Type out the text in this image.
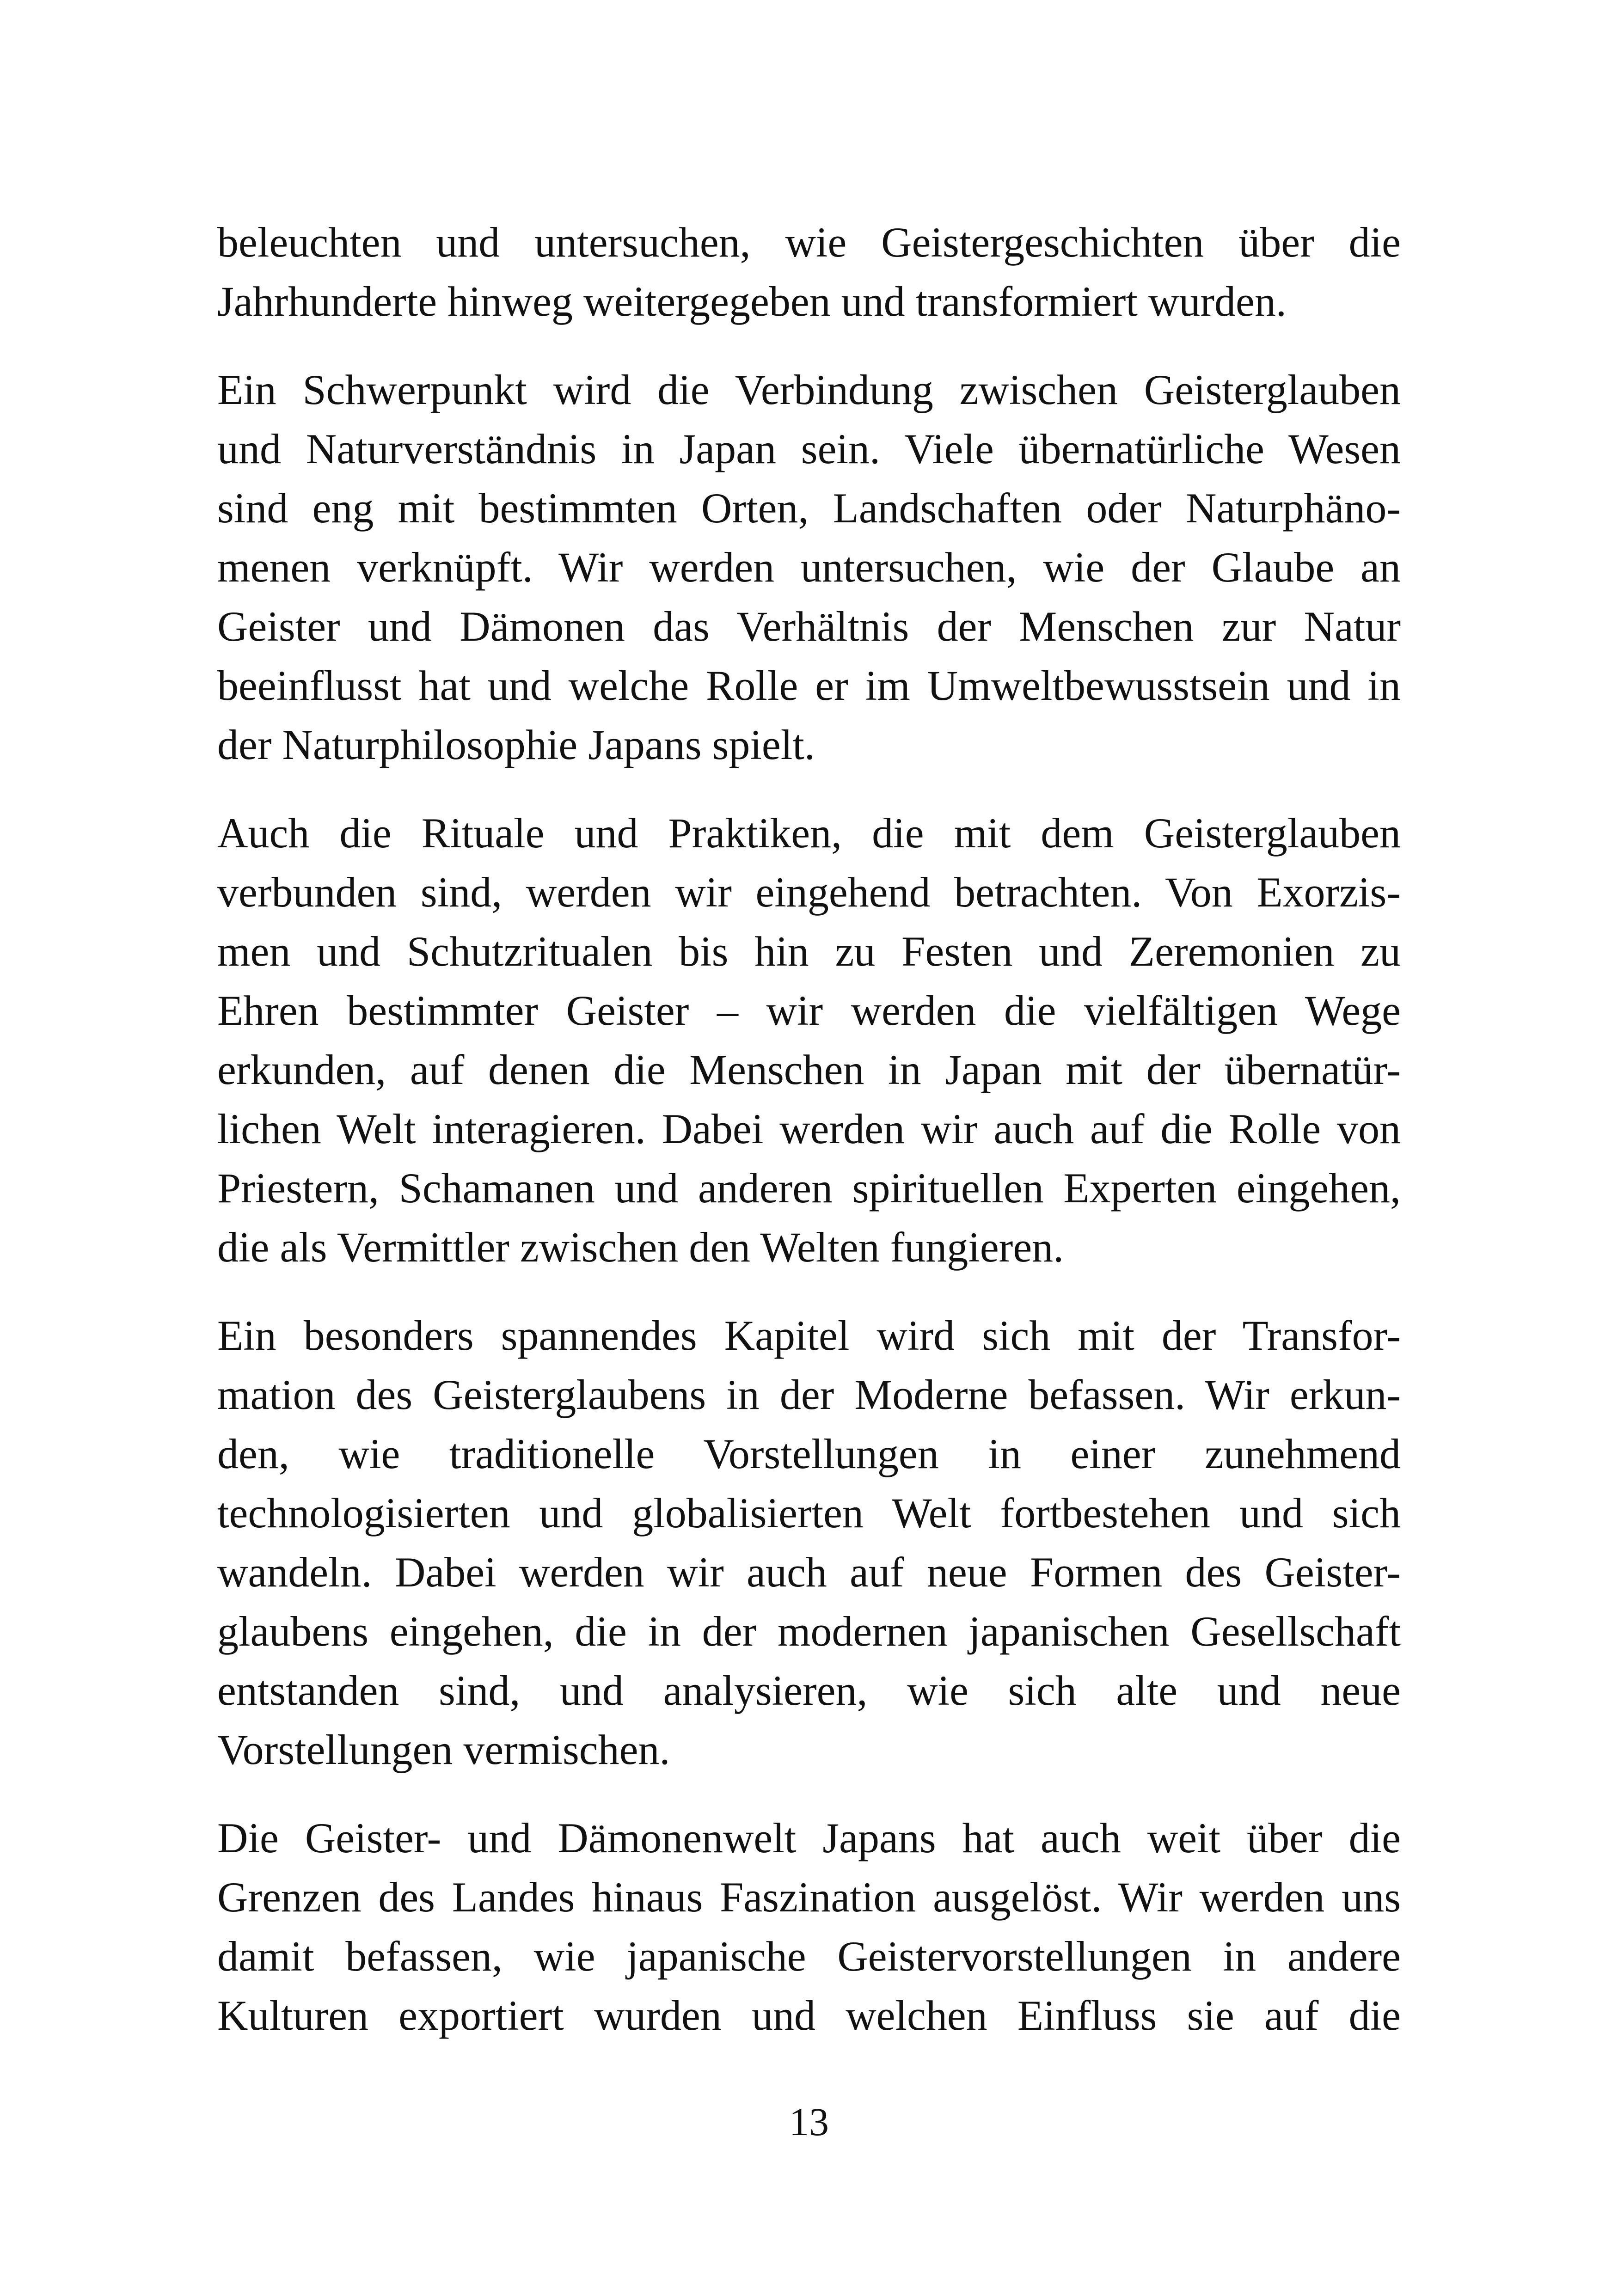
beleuchten und untersuchen, wie Geistergeschichten über die
Jahrhunderte hinweg weitergegeben und transformiert wurden.

Ein Schwerpunkt wird die Verbindung zwischen Geisterglauben
und Naturverständnis in Japan sein. Viele übernatürliche Wesen
sind eng mit bestimmten Orten, Landschaften oder Naturphäno-
menen verknüpft. Wir werden untersuchen, wie der Glaube an
Geister und Dämonen das Verhältnis der Menschen zur Natur
beeinflusst hat und welche Rolle er im Umweltbewusstsein und in
der Naturphilosophie Japans spielt.

Auch die Rituale und Praktiken, die mit dem Geisterglauben
verbunden sind, werden wir eingehend betrachten. Von Exorzis-
men und Schutzritualen bis hin zu Festen und Zeremonien zu
Ehren bestimmter Geister – wir werden die vielfältigen Wege
erkunden, auf denen die Menschen in Japan mit der übernatür-
lichen Welt interagieren. Dabei werden wir auch auf die Rolle von
Priestern, Schamanen und anderen spirituellen Experten eingehen,
die als Vermittler zwischen den Welten fungieren.

Ein besonders spannendes Kapitel wird sich mit der Transfor-
mation des Geisterglaubens in der Moderne befassen. Wir erkun-
den, wie traditionelle Vorstellungen in einer zunehmend
technologisierten und globalisierten Welt fortbestehen und sich
wandeln. Dabei werden wir auch auf neue Formen des Geister-
glaubens eingehen, die in der modernen japanischen Gesellschaft
entstanden sind, und analysieren, wie sich alte und neue
Vorstellungen vermischen.

Die Geister- und Dämonenwelt Japans hat auch weit über die
Grenzen des Landes hinaus Faszination ausgelöst. Wir werden uns
damit befassen, wie japanische Geistervorstellungen in andere
Kulturen exportiert wurden und welchen Einfluss sie auf die

13
